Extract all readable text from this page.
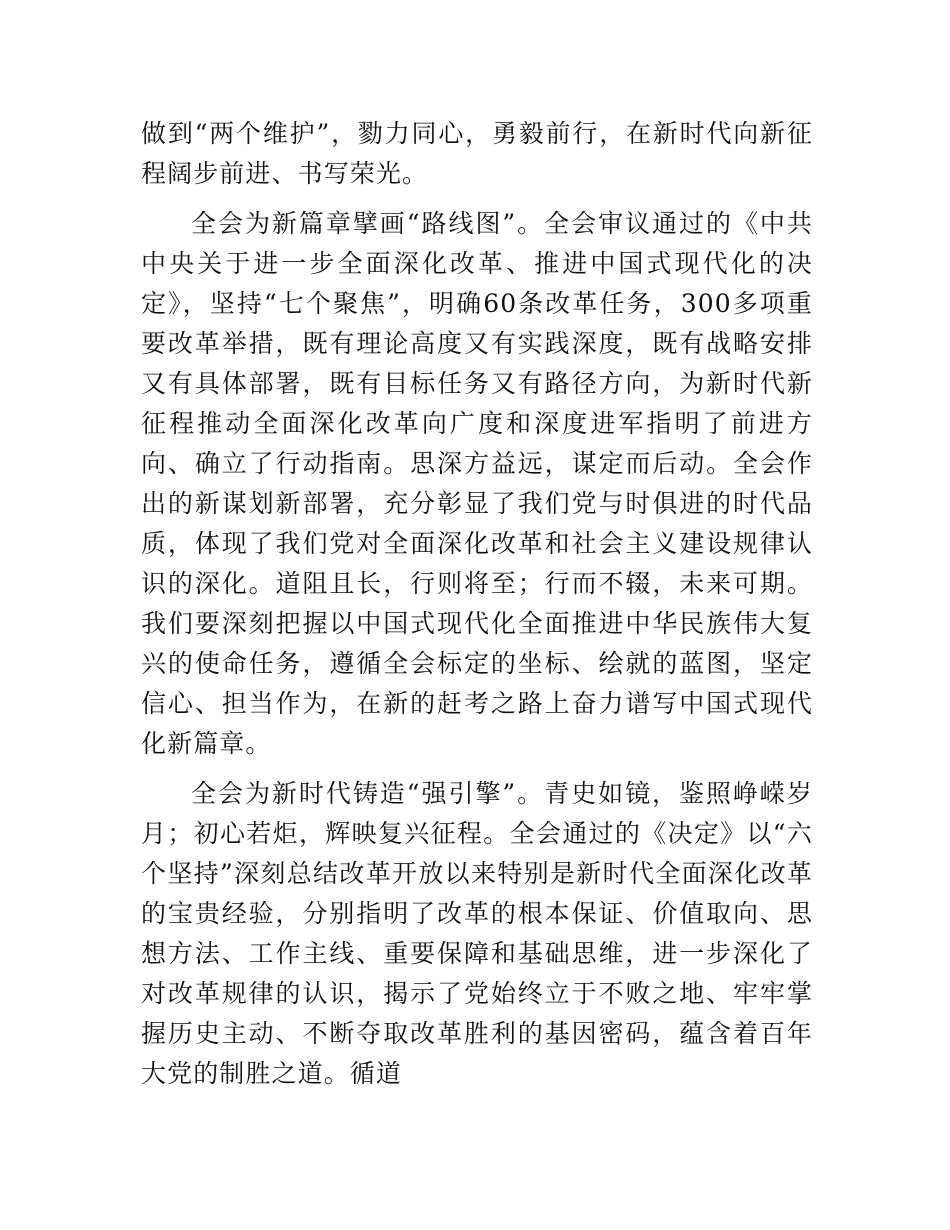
做到“两个维护”，勠力同心，勇毅前行，在新时代向新征程阔步前进、书写荣光。

全会为新篇章擘画“路线图”。全会审议通过的《中共中央关于进一步全面深化改革、推进中国式现代化的决定》，坚持“七个聚焦”，明确60条改革任务，300多项重要改革举措，既有理论高度又有实践深度，既有战略安排又有具体部署，既有目标任务又有路径方向，为新时代新征程推动全面深化改革向广度和深度进军指明了前进方向、确立了行动指南。思深方益远，谋定而后动。全会作出的新谋划新部署，充分彰显了我们党与时俱进的时代品质，体现了我们党对全面深化改革和社会主义建设规律认识的深化。道阻且长，行则将至；行而不辍，未来可期。我们要深刻把握以中国式现代化全面推进中华民族伟大复兴的使命任务，遵循全会标定的坐标、绘就的蓝图，坚定信心、担当作为，在新的赶考之路上奋力谱写中国式现代化新篇章。

全会为新时代铸造“强引擎”。青史如镜，鉴照峥嵘岁月；初心若炬，辉映复兴征程。全会通过的《决定》以“六个坚持”深刻总结改革开放以来特别是新时代全面深化改革的宝贵经验，分别指明了改革的根本保证、价值取向、思想方法、工作主线、重要保障和基础思维，进一步深化了对改革规律的认识，揭示了党始终立于不败之地、牢牢掌握历史主动、不断夺取改革胜利的基因密码，蕴含着百年大党的制胜之道。循道
